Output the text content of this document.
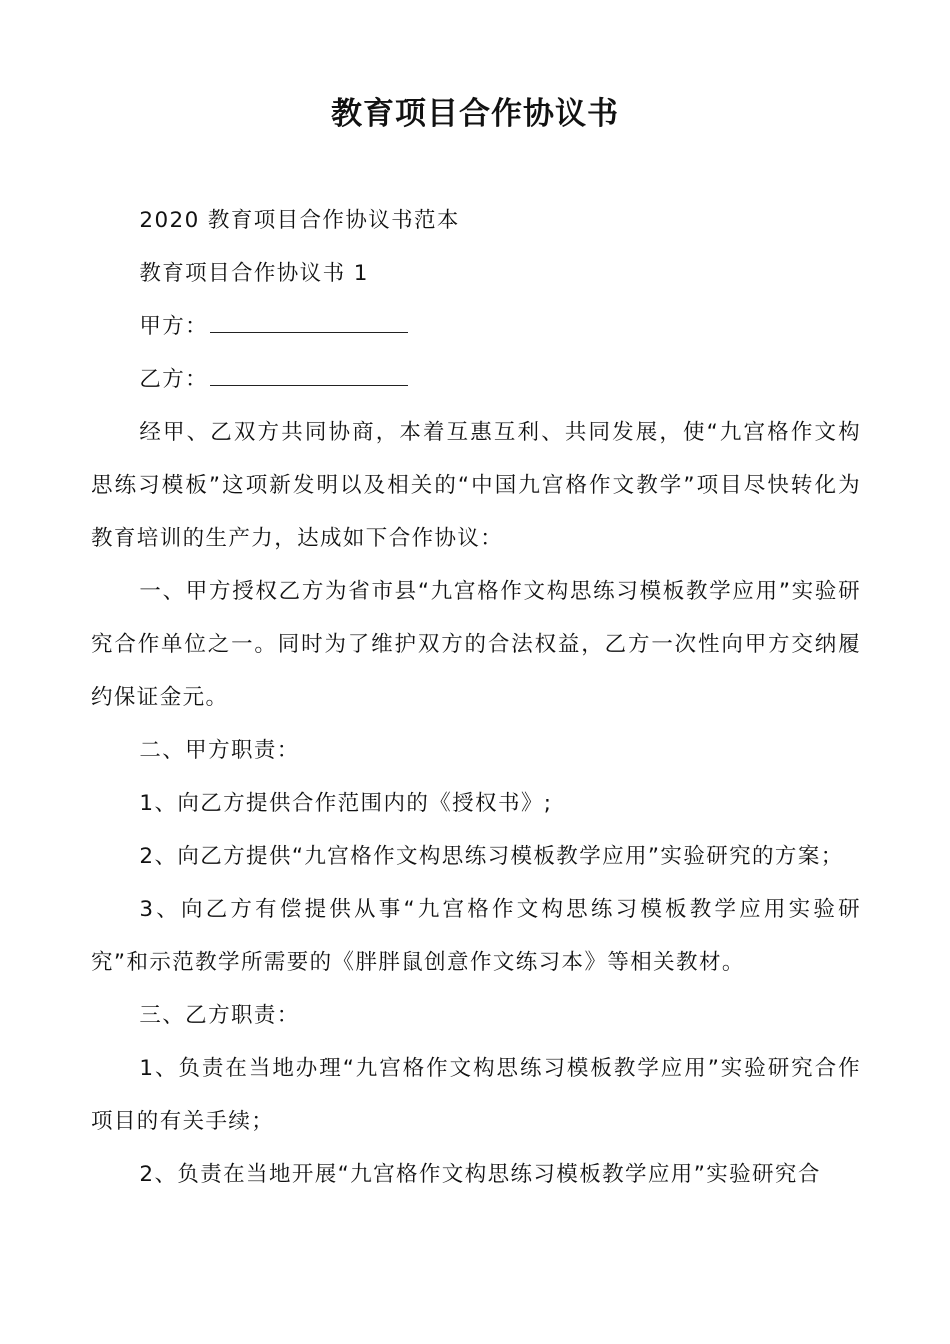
教育项目合作协议书

2020 教育项目合作协议书范本

教育项目合作协议书 1

甲方：

乙方：

经甲、乙双方共同协商，本着互惠互利、共同发展，使“九宫格作文构思练习模板”这项新发明以及相关的“中国九宫格作文教学”项目尽快转化为教育培训的生产力，达成如下合作协议：

一、甲方授权乙方为省市县“九宫格作文构思练习模板教学应用”实验研究合作单位之一。同时为了维护双方的合法权益，乙方一次性向甲方交纳履约保证金元。

二、甲方职责：

1、向乙方提供合作范围内的《授权书》;

2、向乙方提供“九宫格作文构思练习模板教学应用”实验研究的方案；

3、向乙方有偿提供从事“九宫格作文构思练习模板教学应用实验研究”和示范教学所需要的《胖胖鼠创意作文练习本》等相关教材。

三、乙方职责：

1、负责在当地办理“九宫格作文构思练习模板教学应用”实验研究合作项目的有关手续；

2、负责在当地开展“九宫格作文构思练习模板教学应用”实验研究合
